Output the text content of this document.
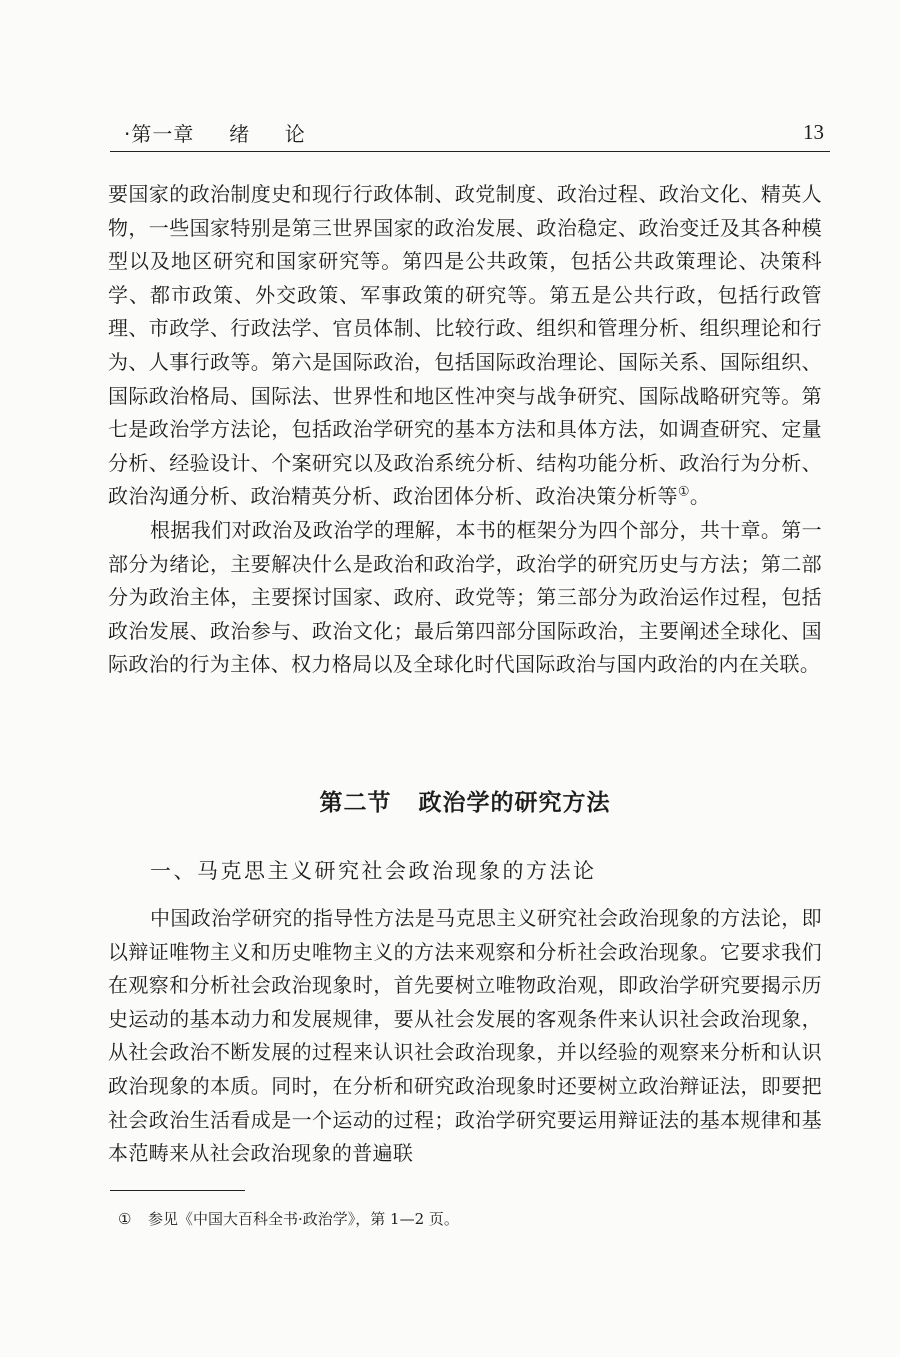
·第一章  绪  论	13

要国家的政治制度史和现行行政体制、政党制度、政治过程、政治文化、精英人物，一些国家特别是第三世界国家的政治发展、政治稳定、政治变迁及其各种模型以及地区研究和国家研究等。第四是公共政策，包括公共政策理论、决策科学、都市政策、外交政策、军事政策的研究等。第五是公共行政，包括行政管理、市政学、行政法学、官员体制、比较行政、组织和管理分析、组织理论和行为、人事行政等。第六是国际政治，包括国际政治理论、国际关系、国际组织、国际政治格局、国际法、世界性和地区性冲突与战争研究、国际战略研究等。第七是政治学方法论，包括政治学研究的基本方法和具体方法，如调查研究、定量分析、经验设计、个案研究以及政治系统分析、结构功能分析、政治行为分析、政治沟通分析、政治精英分析、政治团体分析、政治决策分析等①。

根据我们对政治及政治学的理解，本书的框架分为四个部分，共十章。第一部分为绪论，主要解决什么是政治和政治学，政治学的研究历史与方法；第二部分为政治主体，主要探讨国家、政府、政党等；第三部分为政治运作过程，包括政治发展、政治参与、政治文化；最后第四部分国际政治，主要阐述全球化、国际政治的行为主体、权力格局以及全球化时代国际政治与国内政治的内在关联。

第二节   政治学的研究方法
一、马克思主义研究社会政治现象的方法论

中国政治学研究的指导性方法是马克思主义研究社会政治现象的方法论，即以辩证唯物主义和历史唯物主义的方法来观察和分析社会政治现象。它要求我们在观察和分析社会政治现象时，首先要树立唯物政治观，即政治学研究要揭示历史运动的基本动力和发展规律，要从社会发展的客观条件来认识社会政治现象，从社会政治不断发展的过程来认识社会政治现象，并以经验的观察来分析和认识政治现象的本质。同时，在分析和研究政治现象时还要树立政治辩证法，即要把社会政治生活看成是一个运动的过程；政治学研究要运用辩证法的基本规律和基本范畴来从社会政治现象的普遍联

① 参见《中国大百科全书·政治学》，第 1—2 页。
